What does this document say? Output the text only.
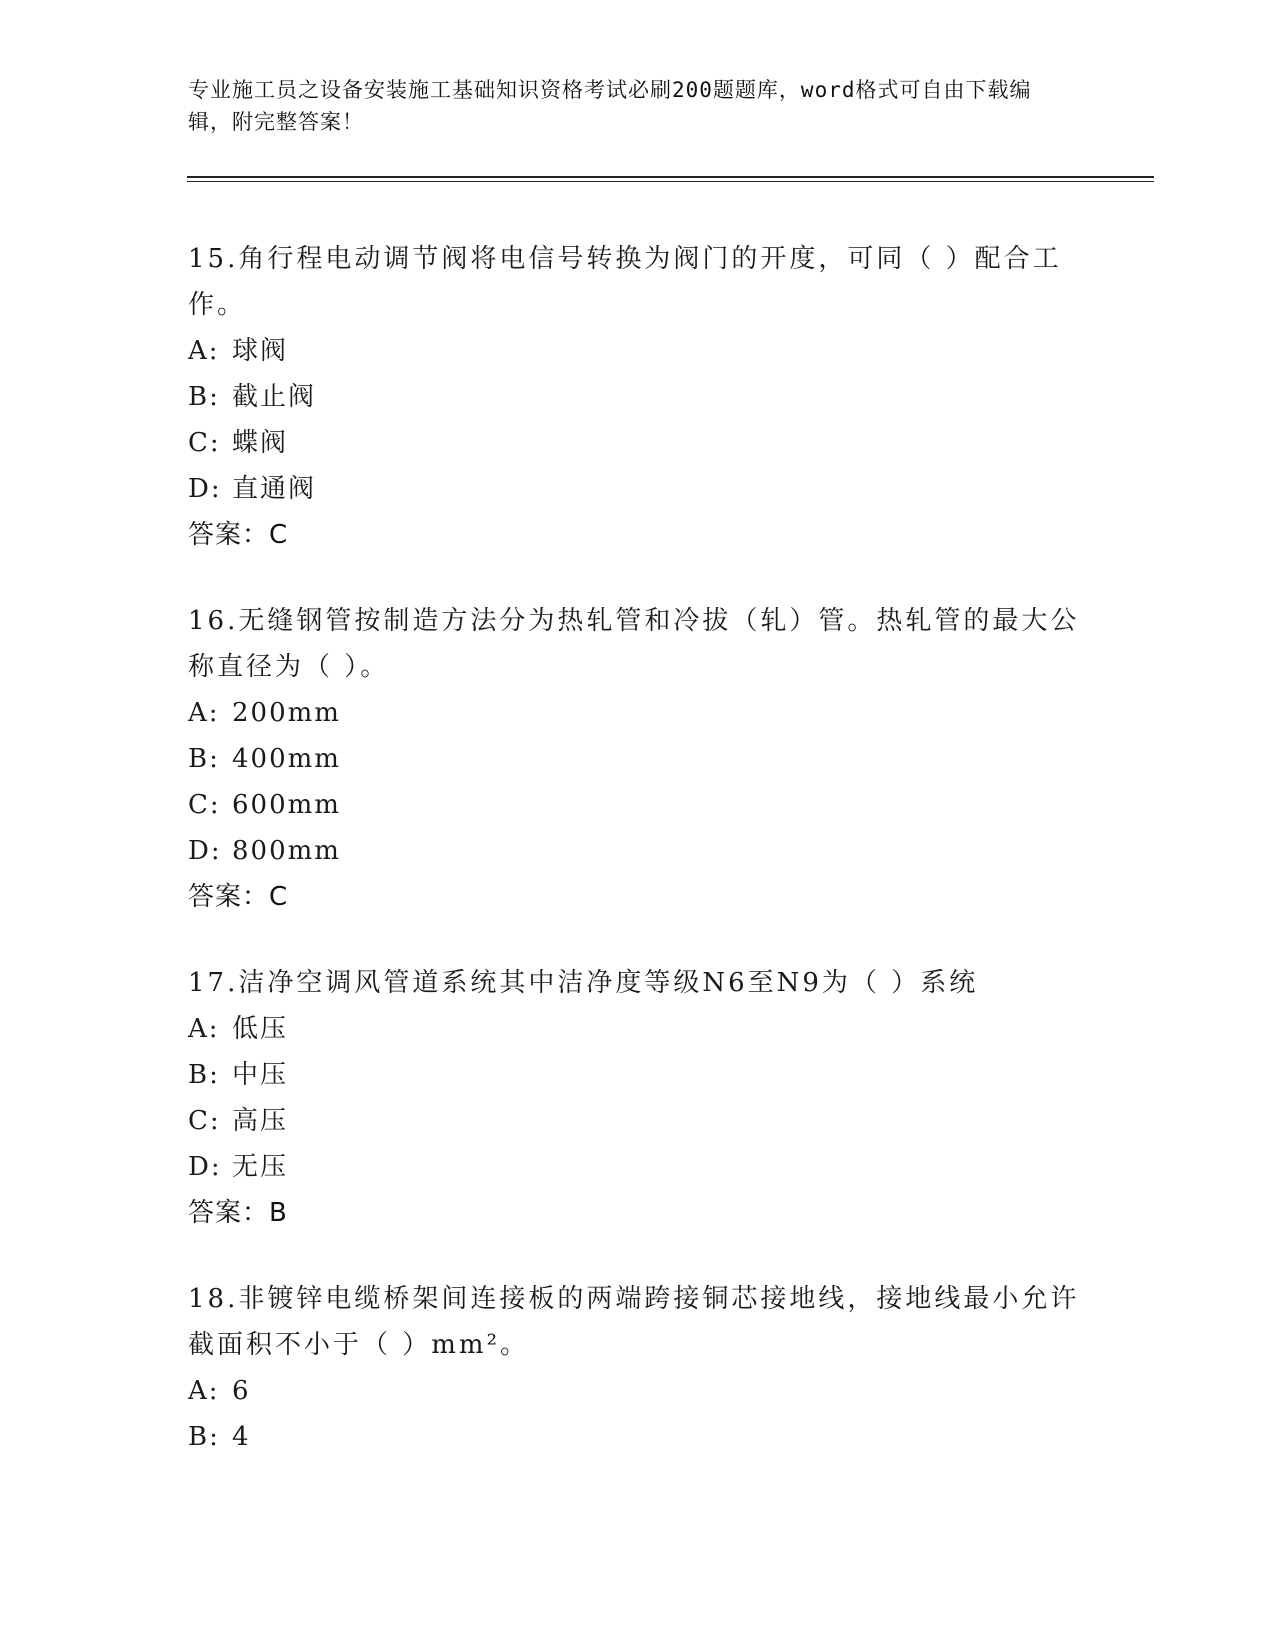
专业施工员之设备安装施工基础知识资格考试必刷200题题库，word格式可自由下载编辑，附完整答案！

15.角行程电动调节阀将电信号转换为阀门的开度，可同（ ）配合工作。

A: 球阀
B: 截止阀
C: 蝶阀
D: 直通阀
答案：C

16.无缝钢管按制造方法分为热轧管和冷拔（轧）管。热轧管的最大公称直径为（ ）。

A: 200mm
B: 400mm
C: 600mm
D: 800mm
答案：C

17.洁净空调风管道系统其中洁净度等级N6至N9为（ ）系统

A: 低压
B: 中压
C: 高压
D: 无压
答案：B

18.非镀锌电缆桥架间连接板的两端跨接铜芯接地线，接地线最小允许截面积不小于（ ）mm²。

A: 6
B: 4
